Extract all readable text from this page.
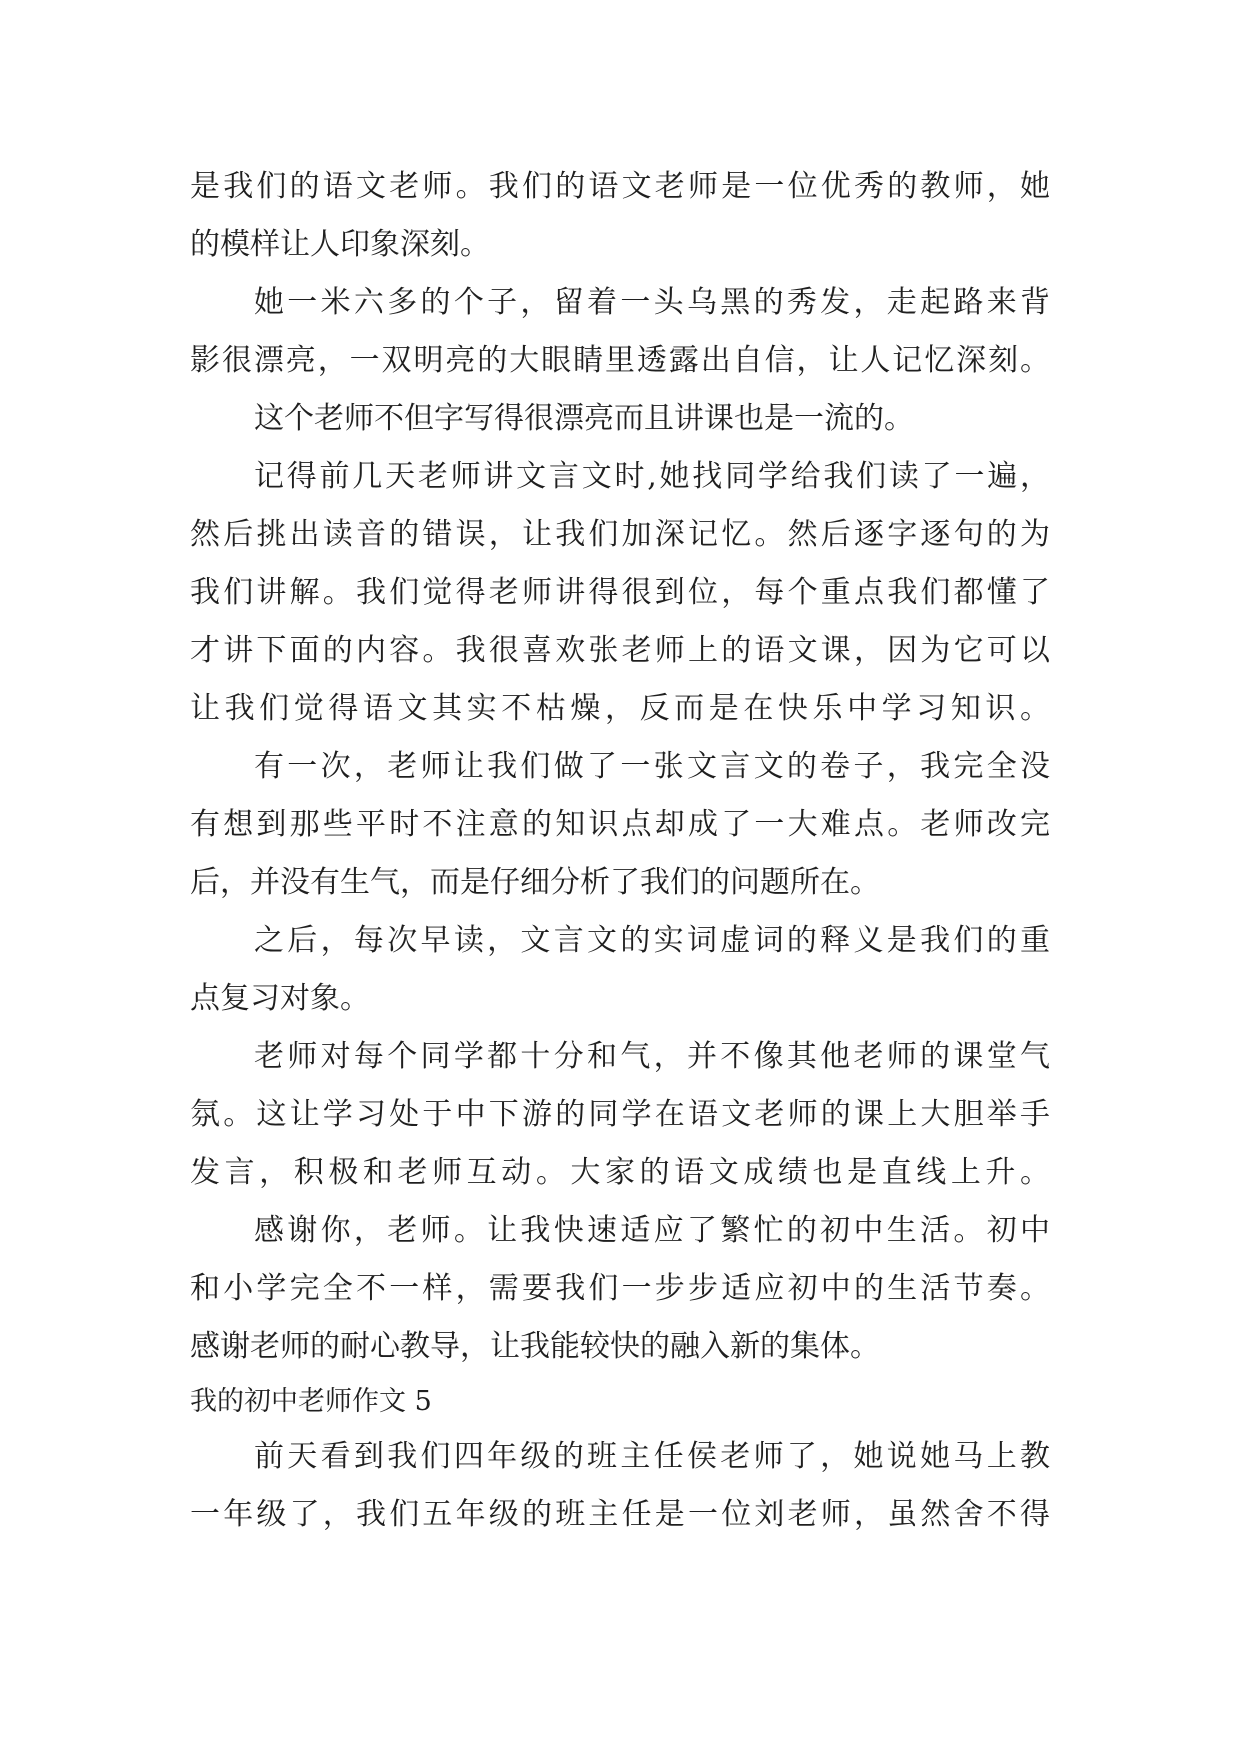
是我们的语文老师。我们的语文老师是一位优秀的教师，她
的模样让人印象深刻。
她一米六多的个子，留着一头乌黑的秀发，走起路来背
影很漂亮，一双明亮的大眼睛里透露出自信，让人记忆深刻。
这个老师不但字写得很漂亮而且讲课也是一流的。
记得前几天老师讲文言文时,她找同学给我们读了一遍，
然后挑出读音的错误，让我们加深记忆。然后逐字逐句的为
我们讲解。我们觉得老师讲得很到位，每个重点我们都懂了
才讲下面的内容。我很喜欢张老师上的语文课，因为它可以
让我们觉得语文其实不枯燥，反而是在快乐中学习知识。
有一次，老师让我们做了一张文言文的卷子，我完全没
有想到那些平时不注意的知识点却成了一大难点。老师改完
后，并没有生气，而是仔细分析了我们的问题所在。
之后，每次早读，文言文的实词虚词的释义是我们的重
点复习对象。
老师对每个同学都十分和气，并不像其他老师的课堂气
氛。这让学习处于中下游的同学在语文老师的课上大胆举手
发言，积极和老师互动。大家的语文成绩也是直线上升。
感谢你，老师。让我快速适应了繁忙的初中生活。初中
和小学完全不一样，需要我们一步步适应初中的生活节奏。
感谢老师的耐心教导，让我能较快的融入新的集体。
我的初中老师作文 5
前天看到我们四年级的班主任侯老师了，她说她马上教
一年级了，我们五年级的班主任是一位刘老师，虽然舍不得
